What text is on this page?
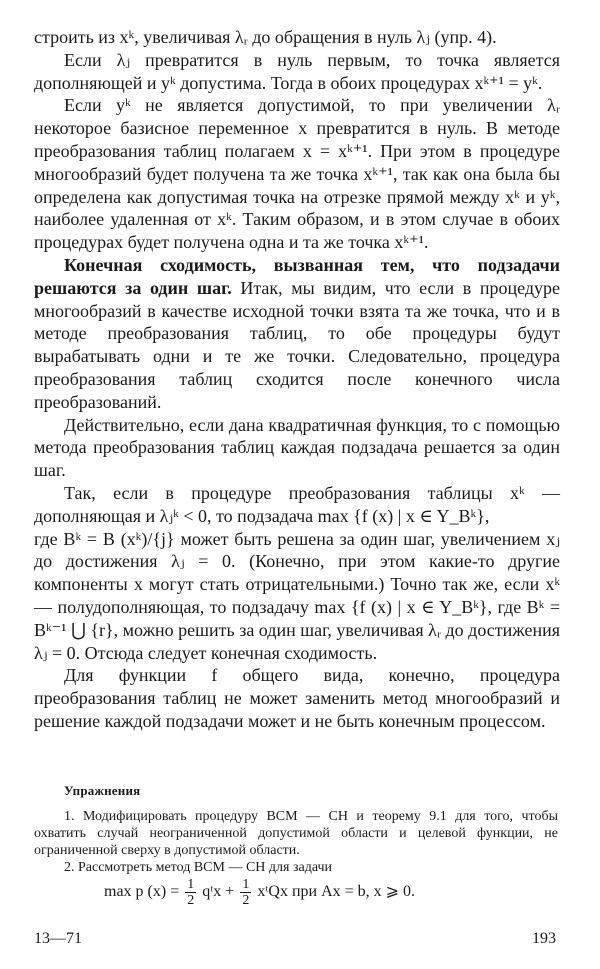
строить из xᵏ, увеличивая λᵣ до обращения в нуль λⱼ (упр. 4).

Если λⱼ превратится в нуль первым, то точка является дополняющей и yᵏ допустима. Тогда в обоих процедурах xᵏ⁺¹ = yᵏ.

Если yᵏ не является допустимой, то при увеличении λᵣ некоторое базисное переменное x превратится в нуль. В методе преобразования таблиц полагаем x = xᵏ⁺¹. При этом в процедуре многообразий будет получена та же точка xᵏ⁺¹, так как она была бы определена как допустимая точка на отрезке прямой между xᵏ и yᵏ, наиболее удаленная от xᵏ. Таким образом, и в этом случае в обоих процедурах будет получена одна и та же точка xᵏ⁺¹.

Конечная сходимость, вызванная тем, что подзадачи решаются за один шаг. Итак, мы видим, что если в процедуре многообразий в качестве исходной точки взята та же точка, что и в методе преобразования таблиц, то обе процедуры будут вырабатывать одни и те же точки. Следовательно, процедура преобразования таблиц сходится после конечного числа преобразований.

Действительно, если дана квадратичная функция, то с помощью метода преобразования таблиц каждая подзадача решается за один шаг.

Так, если в процедуре преобразования таблицы xᵏ — дополняющая и λⱼᵏ < 0, то подзадача max {f (x) | x ∈ Y_Bᵏ},

где Bᵏ = B (xᵏ)/{j} может быть решена за один шаг, увеличением xⱼ до достижения λⱼ = 0. (Конечно, при этом какие-то другие компоненты x могут стать отрицательными.) Точно так же, если xᵏ — полудополняющая, то подзадачу max {f (x) | x ∈ Y_Bᵏ}, где Bᵏ = Bᵏ⁻¹ ⋃ {r}, можно решить за один шаг, увеличивая λᵣ до достижения λⱼ = 0. Отсюда следует конечная сходимость.

Для функции f общего вида, конечно, процедура преобразования таблиц не может заменить метод многообразий и решение каждой подзадачи может и не быть конечным процессом.

Упражнения

1. Модифицировать процедуру ВСМ — СН и теорему 9.1 для того, чтобы охватить случай неограниченной допустимой области и целевой функции, не ограниченной сверху в допустимой области.

2. Рассмотреть метод ВСМ — СН для задачи

max p $(x) = \frac{1}{2}$ qᵗx + $\frac{1}{2}$ xᵗQx при Ax = b, x ⩾ 0.
13—71	193
